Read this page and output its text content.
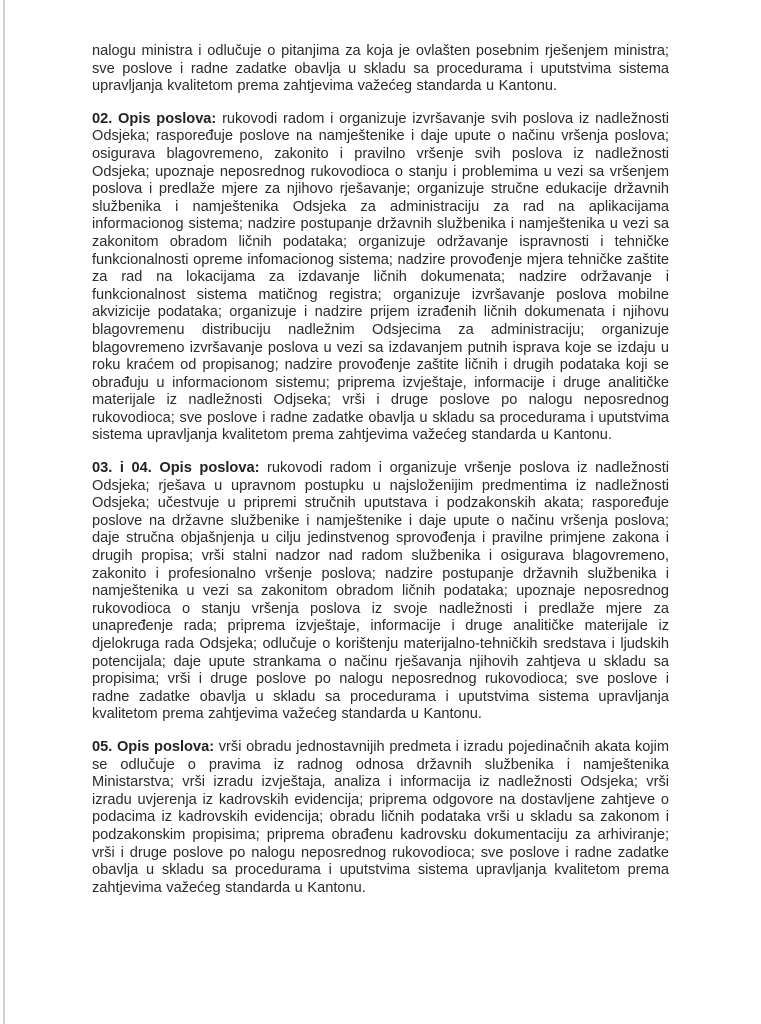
nalogu ministra i odlučuje o pitanjima za koja je ovlašten posebnim rješenjem ministra; sve poslove i radne zadatke obavlja u skladu sa procedurama i uputstvima sistema upravljanja kvalitetom prema zahtjevima važećeg standarda u Kantonu.

02. Opis poslova: rukovodi radom i organizuje izvršavanje svih poslova iz nadležnosti Odsjeka; raspoređuje poslove na namještenike i daje upute o načinu vršenja poslova; osigurava blagovremeno, zakonito i pravilno vršenje svih poslova iz nadležnosti Odsjeka; upoznaje neposrednog rukovodioca o stanju i problemima u vezi sa vršenjem poslova i predlaže mjere za njihovo rješavanje; organizuje stručne edukacije državnih službenika i namještenika Odsjeka za administraciju za rad na aplikacijama informacionog sistema; nadzire postupanje državnih službenika i namještenika u vezi sa zakonitom obradom ličnih podataka; organizuje održavanje ispravnosti i tehničke funkcionalnosti opreme infomacionog sistema; nadzire provođenje mjera tehničke zaštite za rad na lokacijama za izdavanje ličnih dokumenata; nadzire održavanje i funkcionalnost sistema matičnog registra; organizuje izvršavanje poslova mobilne akvizicije podataka; organizuje i nadzire prijem izrađenih ličnih dokumenata i njihovu blagovremenu distribuciju nadležnim Odsjecima za administraciju; organizuje blagovremeno izvršavanje poslova u vezi sa izdavanjem putnih isprava koje se izdaju u roku kraćem od propisanog; nadzire provođenje zaštite ličnih i drugih podataka koji se obrađuju u informacionom sistemu; priprema izvještaje, informacije i druge analitičke materijale iz nadležnosti Odjseka; vrši i druge poslove po nalogu neposrednog rukovodioca; sve poslove i radne zadatke obavlja u skladu sa procedurama i uputstvima sistema upravljanja kvalitetom prema zahtjevima važećeg standarda u Kantonu.

03. i 04. Opis poslova: rukovodi radom i organizuje vršenje poslova iz nadležnosti Odsjeka; rješava u upravnom postupku u najsloženijim predmentima iz nadležnosti Odsjeka; učestvuje u pripremi stručnih uputstava i podzakonskih akata; raspoređuje poslove na državne službenike i namještenike i daje upute o načinu vršenja poslova; daje stručna objašnjenja u cilju jedinstvenog sprovođenja i pravilne primjene zakona i drugih propisa; vrši stalni nadzor nad radom službenika i osigurava blagovremeno, zakonito i profesionalno vršenje poslova; nadzire postupanje državnih službenika i namještenika u vezi sa zakonitom obradom ličnih podataka; upoznaje neposrednog rukovodioca o stanju vršenja poslova iz svoje nadležnosti i predlaže mjere za unapređenje rada; priprema izvještaje, informacije i druge analitičke materijale iz djelokruga rada Odsjeka; odlučuje o korištenju materijalno-tehničkih sredstava i ljudskih potencijala; daje upute strankama o načinu rješavanja njihovih zahtjeva u skladu sa propisima; vrši i druge poslove po nalogu neposrednog rukovodioca; sve poslove i radne zadatke obavlja u skladu sa procedurama i uputstvima sistema upravljanja kvalitetom prema zahtjevima važećeg standarda u Kantonu.

05. Opis poslova: vrši obradu jednostavnijih predmeta i izradu pojedinačnih akata kojim se odlučuje o pravima iz radnog odnosa državnih službenika i namještenika Ministarstva; vrši izradu izvještaja, analiza i informacija iz nadležnosti Odsjeka; vrši izradu uvjerenja iz kadrovskih evidencija; priprema odgovore na dostavljene zahtjeve o podacima iz kadrovskih evidencija; obradu ličnih podataka vrši u skladu sa zakonom i podzakonskim propisima; priprema obrađenu kadrovsku dokumentaciju za arhiviranje; vrši i druge poslove po nalogu neposrednog rukovodioca; sve poslove i radne zadatke obavlja u skladu sa procedurama i uputstvima sistema upravljanja kvalitetom prema zahtjevima važećeg standarda u Kantonu.
